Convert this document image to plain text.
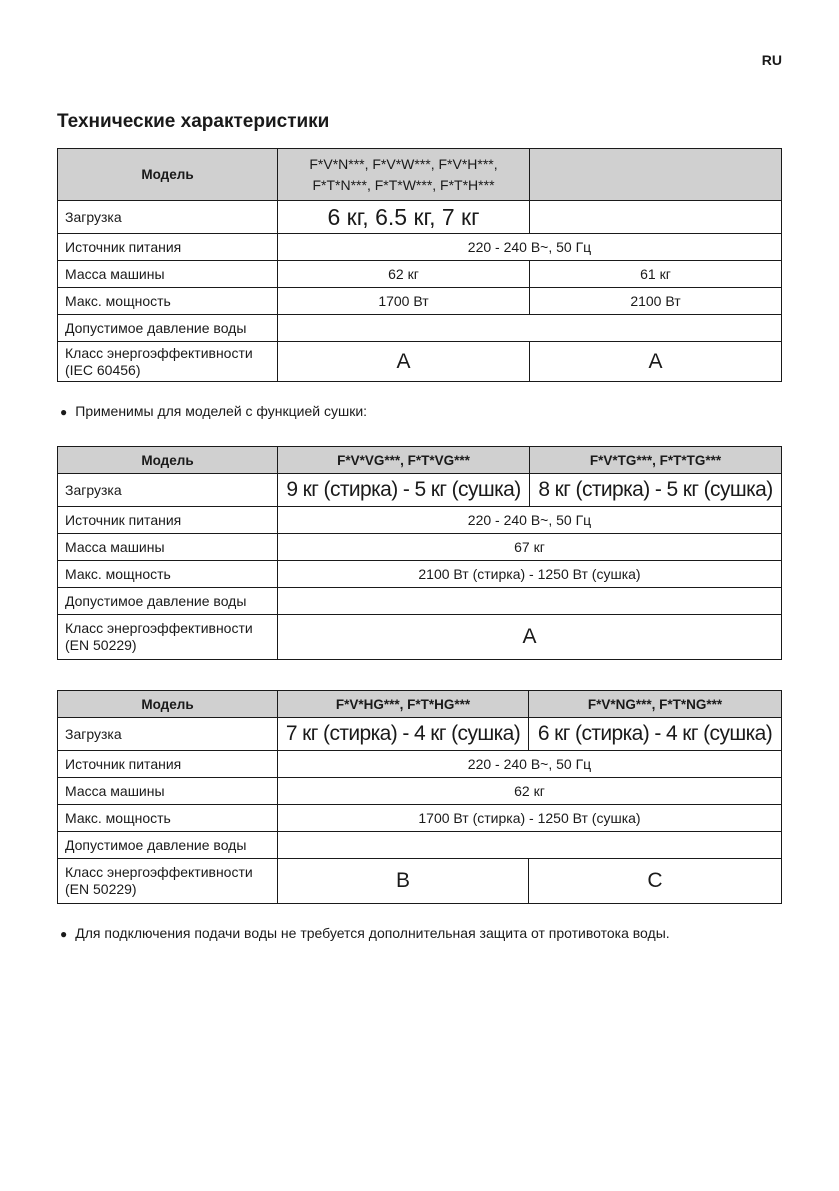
RU
Технические характеристики
Модель	F*V*N***, F*V*W***, F*V*H***,
F*T*N***, F*T*W***, F*T*H***	

Загрузка	6 кг, 6.5 кг, 7 кг	
Источник питания	220 - 240 В~, 50 Гц	
Масса машины	62 кг	61 кг
Макс. мощность	1700 Вт	2100 Вт
Допустимое давление воды		

Класс энергоэффективности
(IEC 60456)	A	A

● Применимы для моделей с функцией сушки:

Модель	F*V*VG***, F*T*VG***	F*V*TG***, F*T*TG***
Загрузка	9 кг (стирка) - 5 кг (сушка)	8 кг (стирка) - 5 кг (сушка)
Источник питания	220 - 240 В~, 50 Гц	
Масса машины	67 кг	
Макс. мощность	2100 Вт (стирка) - 1250 Вт (сушка)	
Допустимое давление воды		

Класс энергоэффективности
(EN 50229)	A	
Модель	F*V*HG***, F*T*HG***	F*V*NG***, F*T*NG***
Загрузка	7 кг (стирка) - 4 кг (сушка)	6 кг (стирка) - 4 кг (сушка)
Источник питания	220 - 240 В~, 50 Гц	
Масса машины	62 кг	
Макс. мощность	1700 Вт (стирка) - 1250 Вт (сушка)	
Допустимое давление воды		

Класс энергоэффективности
(EN 50229)	B	C

● Для подключения подачи воды не требуется дополнительная защита от противотока воды.
